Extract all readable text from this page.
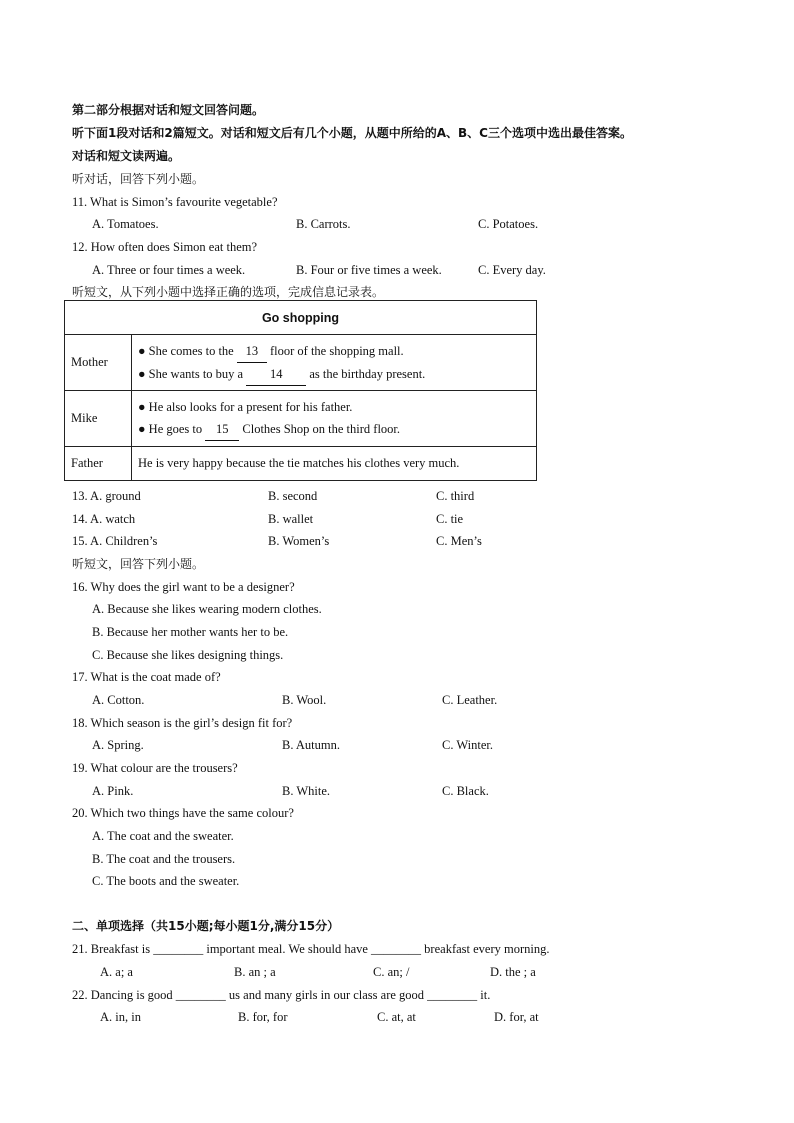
第二部分根据对话和短文回答问题。
听下面1段对话和2篇短文。对话和短文后有几个小题，从题中所给的A、B、C三个选项中选出最佳答案。
对话和短文读两遍。
听对话，回答下列小题。
11. What is Simon’s favourite vegetable?
A. Tomatoes.	B. Carrots.	C. Potatoes.
12. How often does Simon eat them?
A. Three or four times a week.	B. Four or five times a week.	C. Every day.
听短文，从下列小题中选择正确的选项，完成信息记录表。
Go shopping	
Mother	● She comes to the 13 floor of the shopping mall.
● She wants to buy a 14 as the birthday present.

Mike	● He also looks for a present for his father.
● He goes to 15 Clothes Shop on the third floor.

Father	He is very happy because the tie matches his clothes very much.
13. A. ground	B. second	C. third
14. A. watch	B. wallet	C. tie
15. A. Children’s	B. Women’s	C. Men’s
听短文，回答下列小题。
16. Why does the girl want to be a designer?
A. Because she likes wearing modern clothes.
B. Because her mother wants her to be.
C. Because she likes designing things.
17. What is the coat made of?
A. Cotton.	B. Wool.	C. Leather.
18. Which season is the girl’s design fit for?
A. Spring.	B. Autumn.	C. Winter.
19. What colour are the trousers?
A. Pink.	B. White.	C. Black.
20. Which two things have the same colour?
A. The coat and the sweater.
B. The coat and the trousers.
C. The boots and the sweater.
二、单项选择（共15小题;每小题1分,满分15分）
21. Breakfast is ________ important meal. We should have ________ breakfast every morning.
A. a; a	B. an ; a	C. an; /	D. the ; a
22. Dancing is good ________ us and many girls in our class are good ________ it.
A. in, in	B. for, for	C. at, at	D. for, at
